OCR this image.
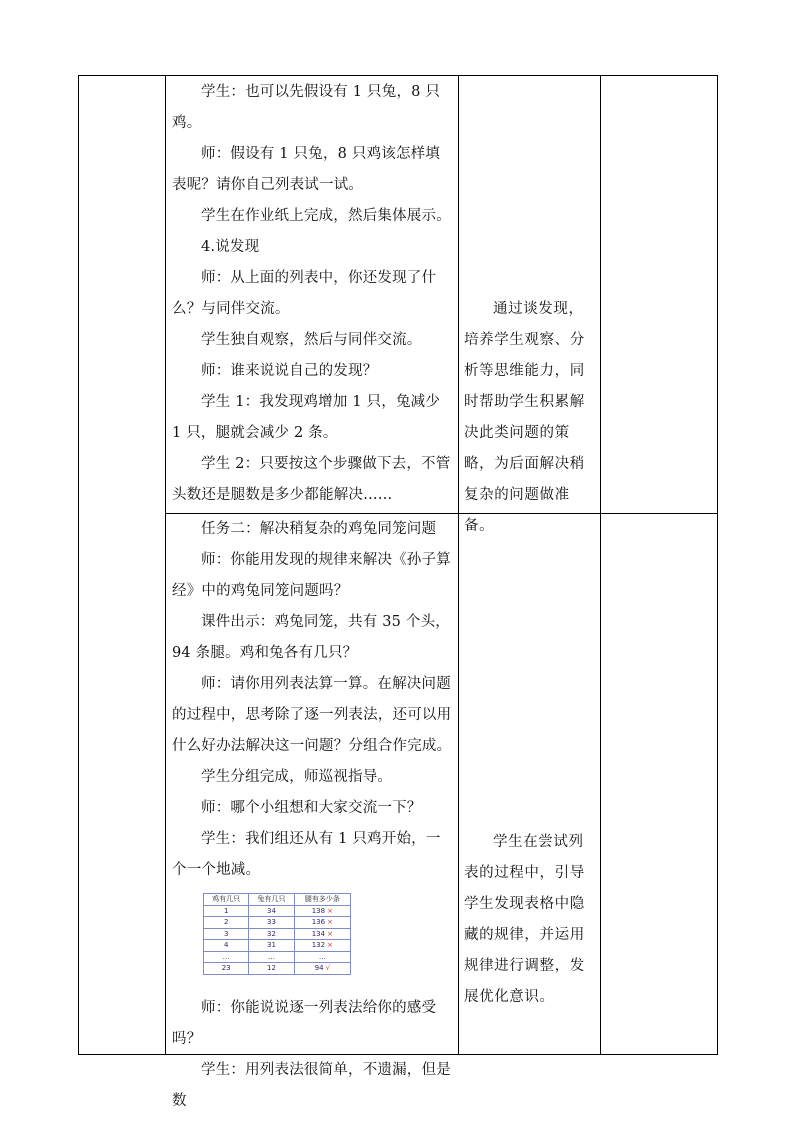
学生：也可以先假设有 1 只兔，8 只鸡。

师：假设有 1 只兔，8 只鸡该怎样填表呢？请你自己列表试一试。

学生在作业纸上完成，然后集体展示。

4.说发现

师：从上面的列表中，你还发现了什么？与同伴交流。

学生独自观察，然后与同伴交流。

师：谁来说说自己的发现？

学生 1：我发现鸡增加 1 只，兔减少 1 只，腿就会减少 2 条。

学生 2：只要按这个步骤做下去，不管头数还是腿数是多少都能解决……

通过谈发现，培养学生观察、分析等思维能力，同时帮助学生积累解决此类问题的策略，为后面解决稍复杂的问题做准备。

任务二：解决稍复杂的鸡兔同笼问题

师：你能用发现的规律来解决《孙子算经》中的鸡兔同笼问题吗？

课件出示：鸡兔同笼，共有 35 个头，94 条腿。鸡和兔各有几只？

师：请你用列表法算一算。在解决问题的过程中，思考除了逐一列表法，还可以用什么好办法解决这一问题？分组合作完成。

学生分组完成，师巡视指导。

师：哪个小组想和大家交流一下？

学生：我们组还从有 1 只鸡开始，一个一个地减。

鸡有几只	兔有几只	腿有多少条
1	34	138 ×
2	33	136 ×
3	32	134 ×
4	31	132 ×
…	…	…
23	12	94 √

师：你能说说逐一列表法给你的感受吗？

学生：用列表法很简单，不遗漏，但是数

学生在尝试列表的过程中，引导学生发现表格中隐藏的规律，并运用规律进行调整，发展优化意识。
